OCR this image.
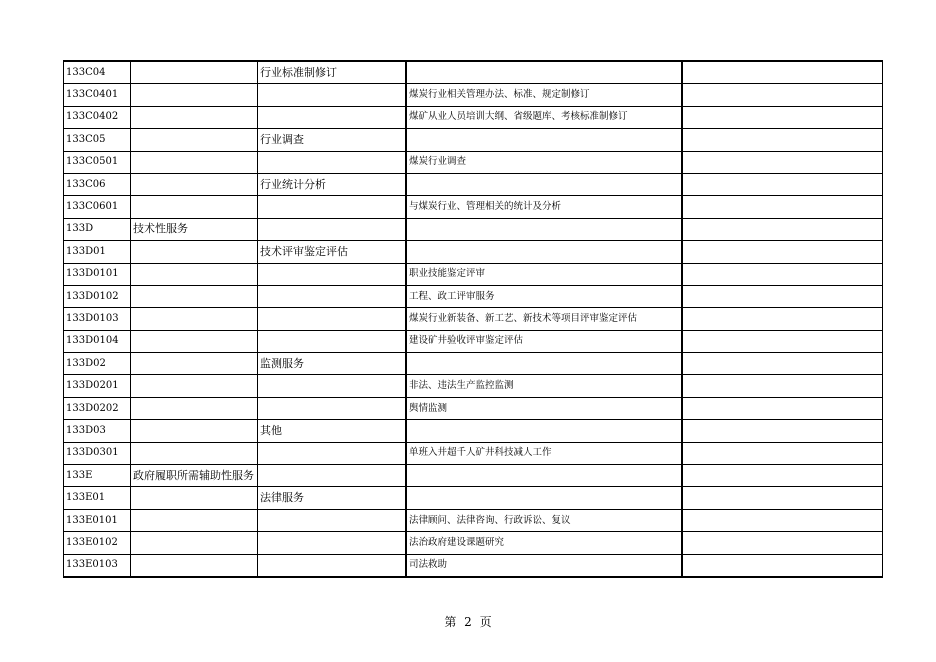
133C04		行业标准制修订		
133C0401			煤炭行业相关管理办法、标准、规定制修订	
133C0402			煤矿从业人员培训大纲、省级题库、考核标准制修订	
133C05		行业调查		
133C0501			煤炭行业调查	
133C06		行业统计分析		
133C0601			与煤炭行业、管理相关的统计及分析	
133D	技术性服务			
133D01		技术评审鉴定评估		
133D0101			职业技能鉴定评审	
133D0102			工程、政工评审服务	
133D0103			煤炭行业新装备、新工艺、新技术等项目评审鉴定评估	
133D0104			建设矿井验收评审鉴定评估	
133D02		监测服务		
133D0201			非法、违法生产监控监测	
133D0202			舆情监测	
133D03		其他		
133D0301			单班入井超千人矿井科技减人工作	
133E	政府履职所需辅助性服务			
133E01		法律服务		
133E0101			法律顾问、法律咨询、行政诉讼、复议	
133E0102			法治政府建设课题研究	
133E0103			司法救助	
第 2 页
